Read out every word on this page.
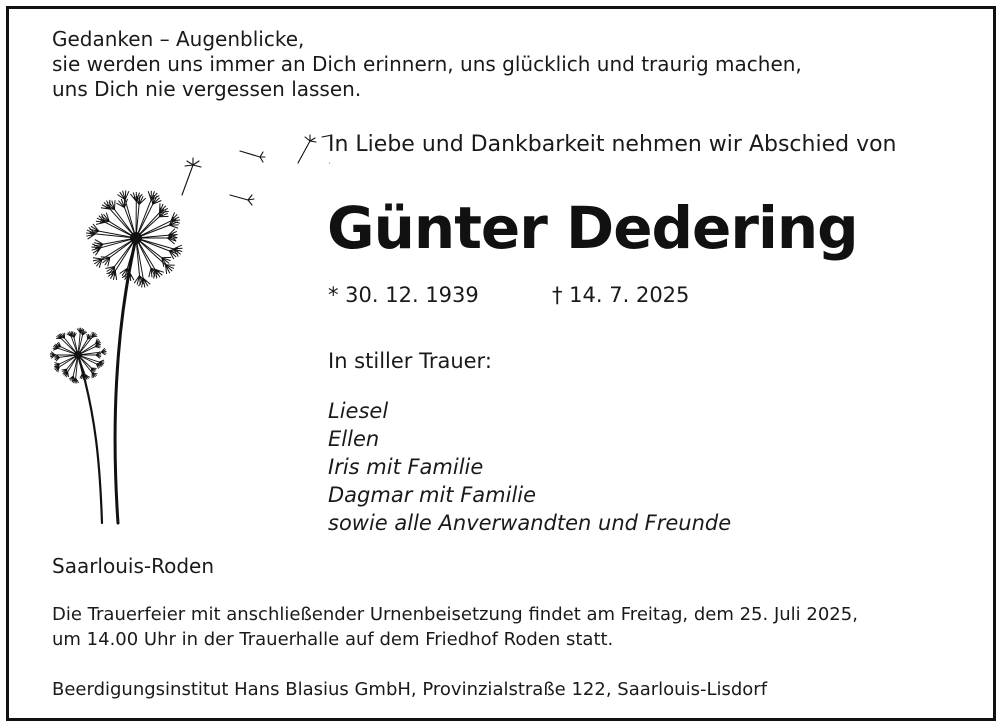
Gedanken – Augenblicke,
sie werden uns immer an Dich erinnern, uns glücklich und traurig machen,
uns Dich nie vergessen lassen.
In Liebe und Dankbarkeit nehmen wir Abschied von
Günter Dedering
* 30. 12. 1939	† 14. 7. 2025
In stiller Trauer:
Liesel
Ellen
Iris mit Familie
Dagmar mit Familie
sowie alle Anverwandten und Freunde
Saarlouis-Roden
Die Trauerfeier mit anschließender Urnenbeisetzung findet am Freitag, dem 25. Juli 2025,
um 14.00 Uhr in der Trauerhalle auf dem Friedhof Roden statt.
Beerdigungsinstitut Hans Blasius GmbH, Provinzialstraße 122, Saarlouis-Lisdorf
